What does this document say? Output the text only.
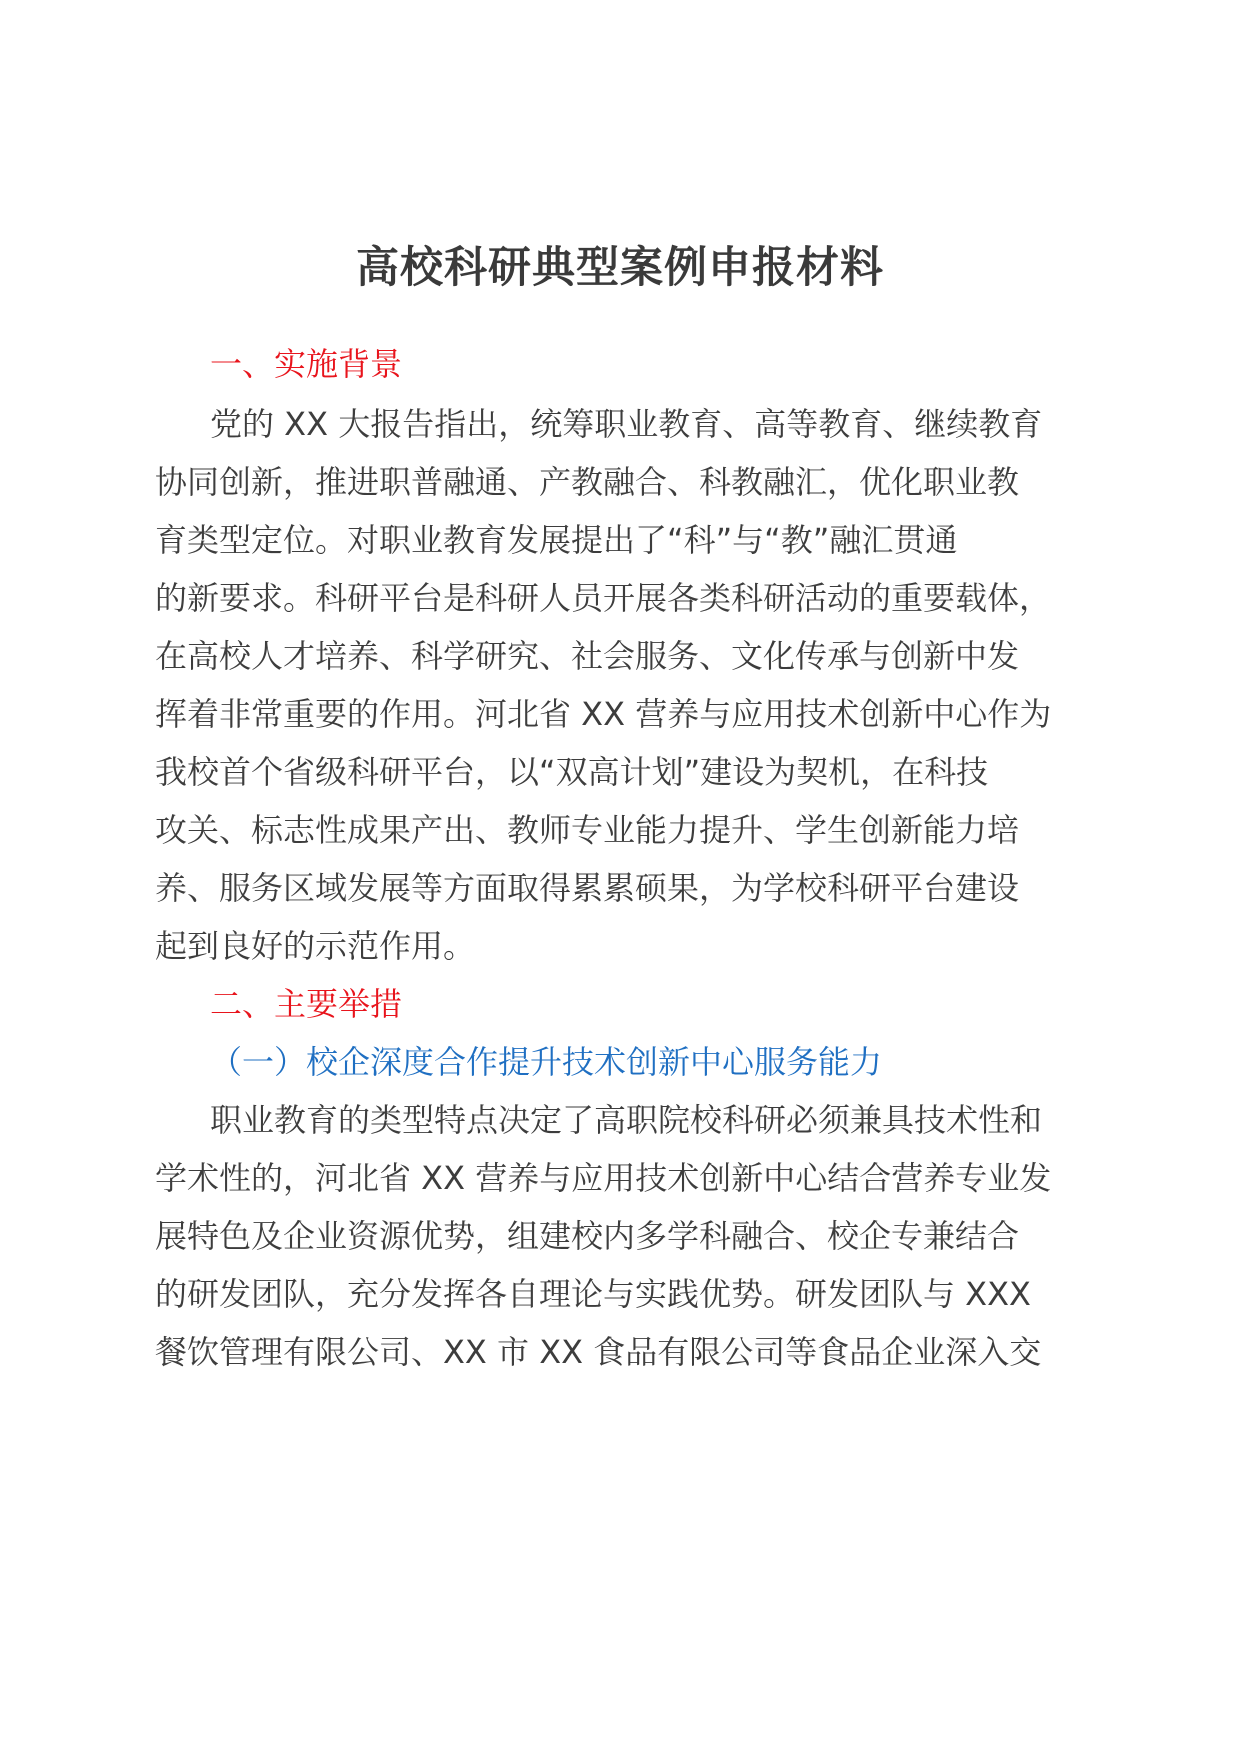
高校科研典型案例申报材料
一、实施背景
党的 XX 大报告指出，统筹职业教育、高等教育、继续教育
协同创新，推进职普融通、产教融合、科教融汇，优化职业教
育类型定位。对职业教育发展提出了“科”与“教”融汇贯通
的新要求。科研平台是科研人员开展各类科研活动的重要载体，
在高校人才培养、科学研究、社会服务、文化传承与创新中发
挥着非常重要的作用。河北省 XX 营养与应用技术创新中心作为
我校首个省级科研平台，以“双高计划”建设为契机，在科技
攻关、标志性成果产出、教师专业能力提升、学生创新能力培
养、服务区域发展等方面取得累累硕果，为学校科研平台建设
起到良好的示范作用。
二、主要举措
（一）校企深度合作提升技术创新中心服务能力
职业教育的类型特点决定了高职院校科研必须兼具技术性和
学术性的，河北省 XX 营养与应用技术创新中心结合营养专业发
展特色及企业资源优势，组建校内多学科融合、校企专兼结合
的研发团队，充分发挥各自理论与实践优势。研发团队与 XXX
餐饮管理有限公司、XX 市 XX 食品有限公司等食品企业深入交
